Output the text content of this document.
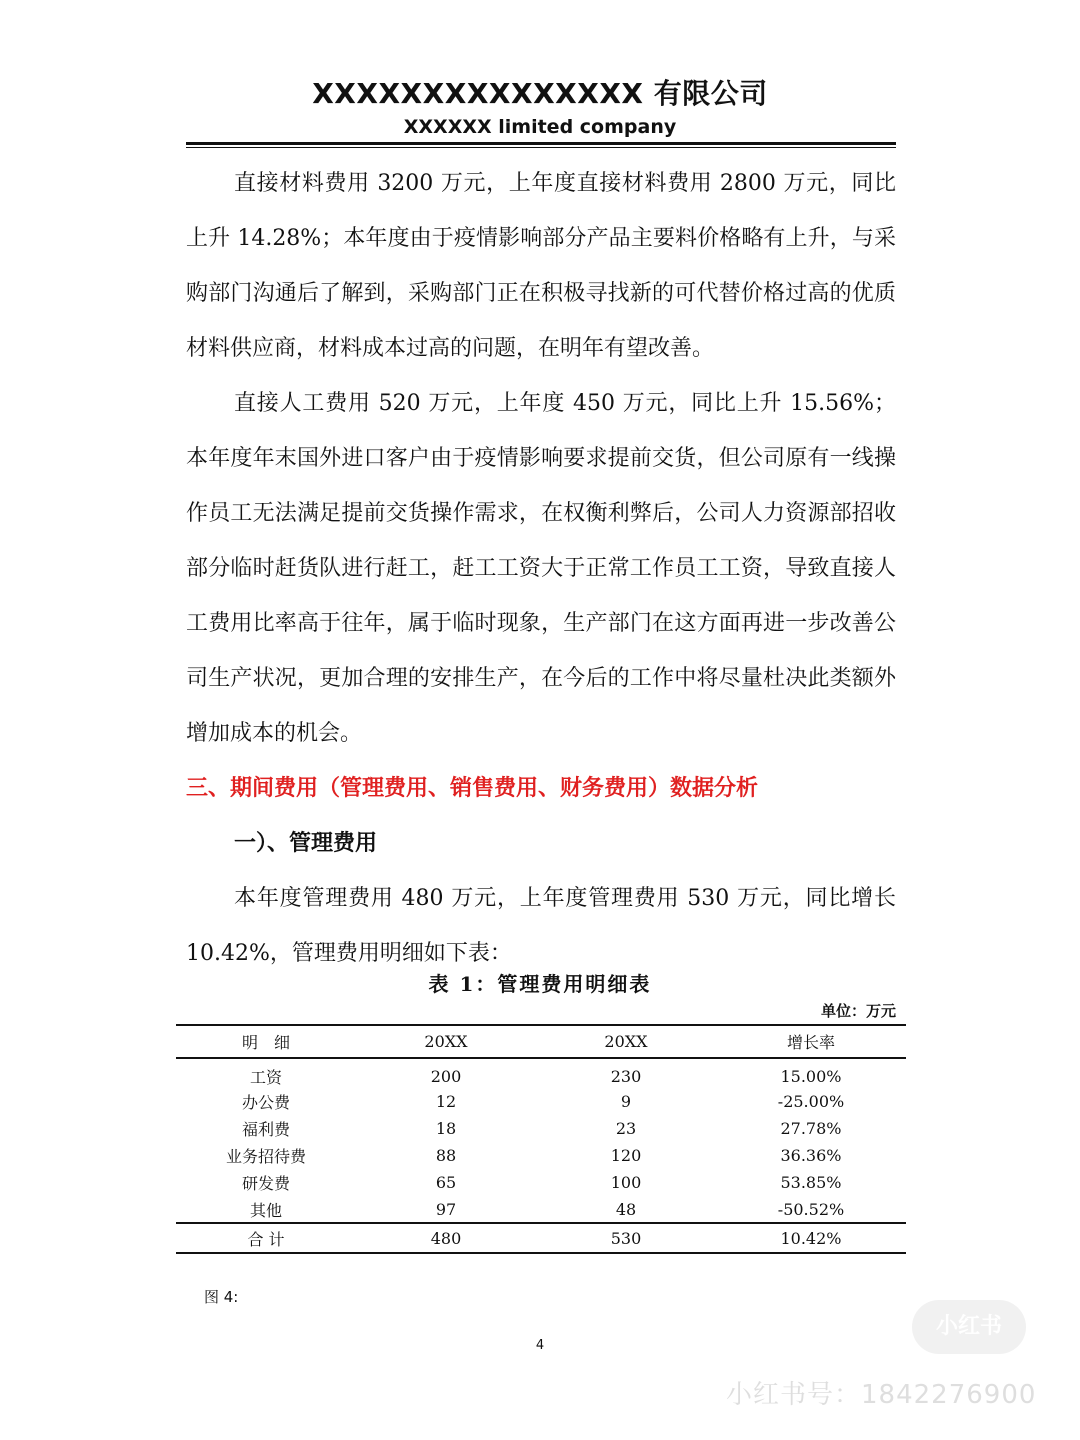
XXXXXXXXXXXXXXX 有限公司
XXXXXX limited company

直接材料费用 3200 万元，上年度直接材料费用 2800 万元，同比上升 14.28%；本年度由于疫情影响部分产品主要料价格略有上升，与采购部门沟通后了解到，采购部门正在积极寻找新的可代替价格过高的优质材料供应商，材料成本过高的问题，在明年有望改善。

直接人工费用 520 万元，上年度 450 万元，同比上升 15.56%；本年度年末国外进口客户由于疫情影响要求提前交货，但公司原有一线操作员工无法满足提前交货操作需求，在权衡利弊后，公司人力资源部招收部分临时赶货队进行赶工，赶工工资大于正常工作员工工资，导致直接人工费用比率高于往年，属于临时现象，生产部门在这方面再进一步改善公司生产状况，更加合理的安排生产，在今后的工作中将尽量杜决此类额外增加成本的机会。

三、期间费用（管理费用、销售费用、财务费用）数据分析
一）、管理费用

本年度管理费用 480 万元，上年度管理费用 530 万元，同比增长 10.42%，管理费用明细如下表：

表 1：管理费用明细表
单位：万元
明　细	20XX	20XX	增长率
工资	200	230	15.00%
办公费	12	9	-25.00%
福利费	18	23	27.78%
业务招待费	88	120	36.36%
研发费	65	100	53.85%
其他	97	48	-50.52%
合 计	480	530	10.42%
图 4:
4
小红书
小红书号：1842276900
